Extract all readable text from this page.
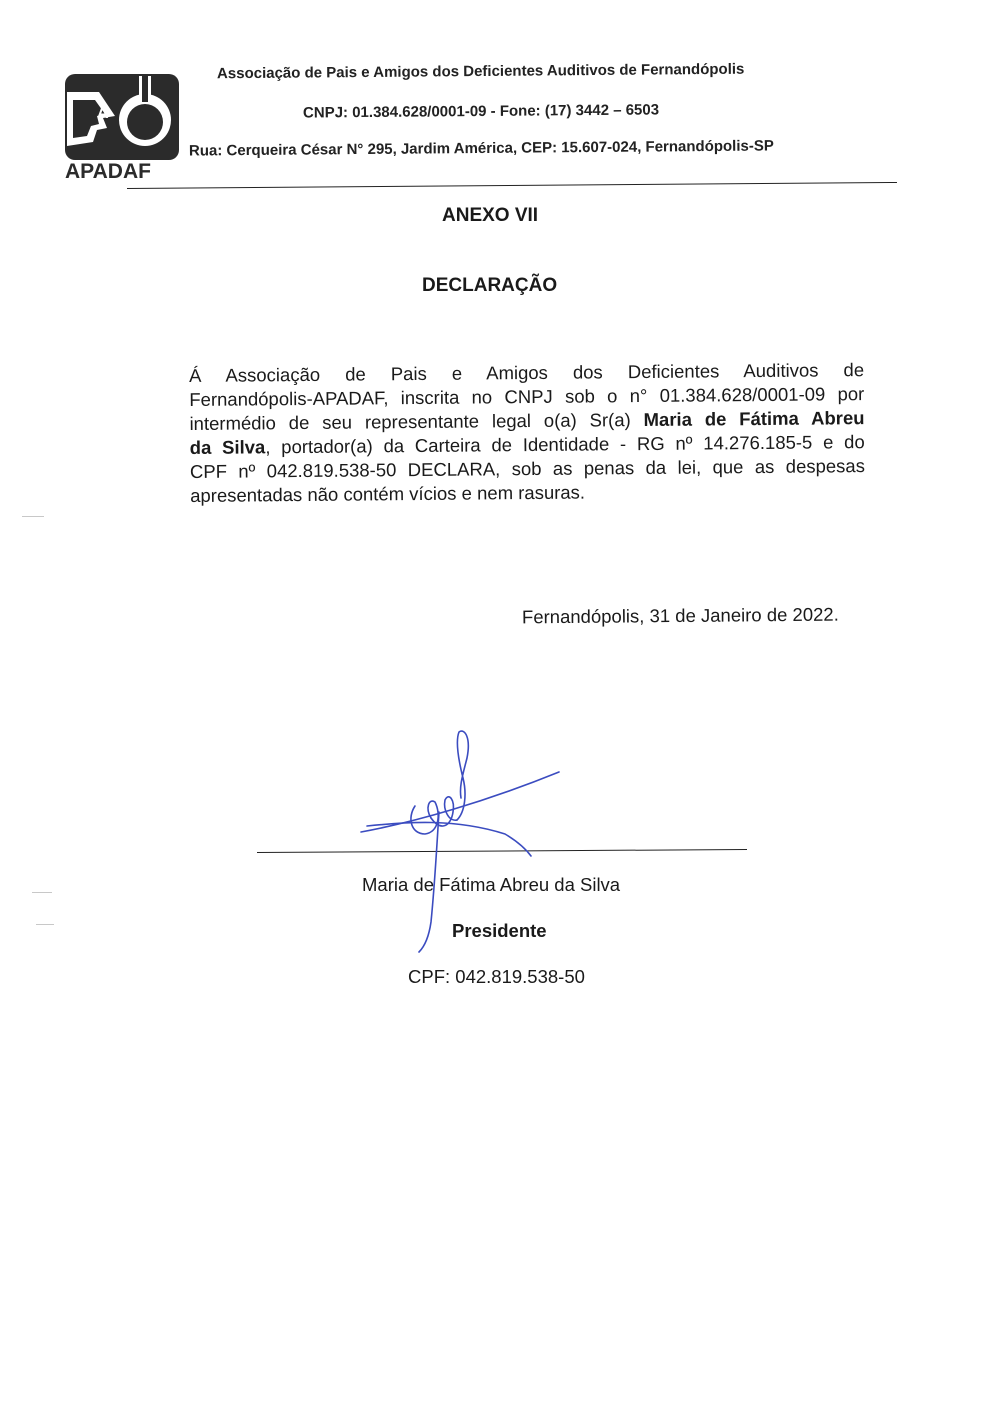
A
APADAF
Associação de Pais e Amigos dos Deficientes Auditivos de Fernandópolis
CNPJ: 01.384.628/0001-09 - Fone: (17) 3442 – 6503
Rua: Cerqueira César N° 295, Jardim América, CEP: 15.607-024, Fernandópolis-SP
ANEXO VII
DECLARAÇÃO
Á Associação de Pais e Amigos dos Deficientes Auditivos de
Fernandópolis-APADAF, inscrita no CNPJ sob o n° 01.384.628/0001-09 por
intermédio de seu representante legal o(a) Sr(a) Maria de Fátima Abreu
da Silva, portador(a) da Carteira de Identidade - RG nº 14.276.185-5 e do
CPF nº 042.819.538-50 DECLARA, sob as penas da lei, que as despesas
apresentadas não contém vícios e nem rasuras.
Fernandópolis, 31 de Janeiro de 2022.
Maria de Fátima Abreu da Silva
Presidente
CPF: 042.819.538-50
